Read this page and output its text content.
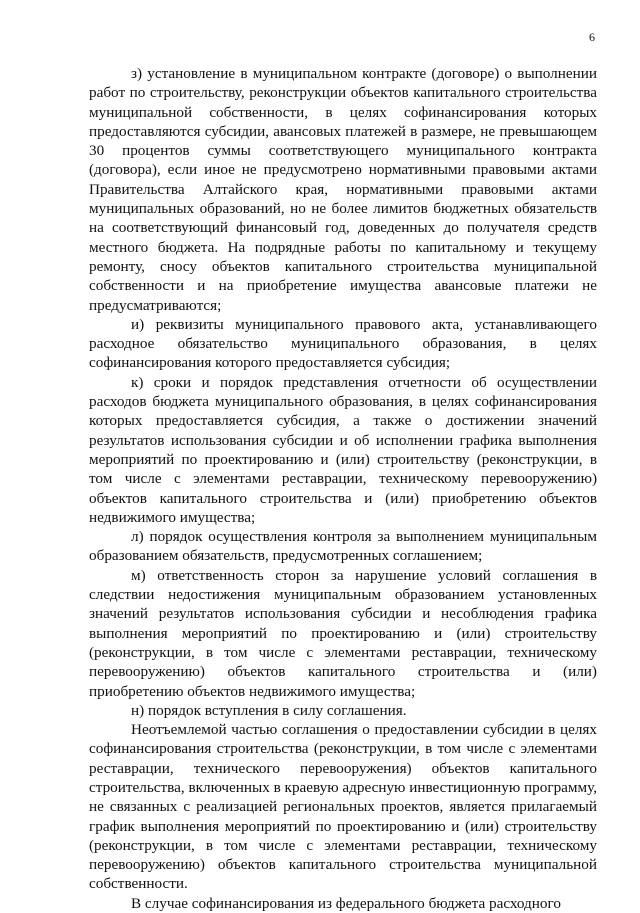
6

з) установление в муниципальном контракте (договоре) о выполнении работ по строительству, реконструкции объектов капитального строительства муниципальной собственности, в целях софинансирования которых предоставляются субсидии, авансовых платежей в размере, не превышающем 30 процентов суммы соответствующего муниципального контракта (договора), если иное не предусмотрено нормативными правовыми актами Правительства Алтайского края, нормативными правовыми актами муниципальных образований, но не более лимитов бюджетных обязательств на соответствующий финансовый год, доведенных до получателя средств местного бюджета. На подрядные работы по капитальному и текущему ремонту, сносу объектов капитального строительства муниципальной собственности и на приобретение имущества авансовые платежи не предусматриваются;

и) реквизиты муниципального правового акта, устанавливающего расходное обязательство муниципального образования, в целях софинансирования которого предоставляется субсидия;

к) сроки и порядок представления отчетности об осуществлении расходов бюджета муниципального образования, в целях софинансирования которых предоставляется субсидия, а также о достижении значений результатов использования субсидии и об исполнении графика выполнения мероприятий по проектированию и (или) строительству (реконструкции, в том числе с элементами реставрации, техническому перевооружению) объектов капитального строительства и (или) приобретению объектов недвижимого имущества;

л) порядок осуществления контроля за выполнением муниципальным образованием обязательств, предусмотренных соглашением;

м) ответственность сторон за нарушение условий соглашения в следствии недостижения муниципальным образованием установленных значений результатов использования субсидии и несоблюдения графика выполнения мероприятий по проектированию и (или) строительству (реконструкции, в том числе с элементами реставрации, техническому перевооружению) объектов капитального строительства и (или) приобретению объектов недвижимого имущества;

н) порядок вступления в силу соглашения.

Неотъемлемой частью соглашения о предоставлении субсидии в целях софинансирования строительства (реконструкции, в том числе с элементами реставрации, технического перевооружения) объектов капитального строительства, включенных в краевую адресную инвестиционную программу, не связанных с реализацией региональных проектов, является прилагаемый график выполнения мероприятий по проектированию и (или) строительству (реконструкции, в том числе с элементами реставрации, техническому перевооружению) объектов капитального строительства муниципальной собственности.

В случае софинансирования из федерального бюджета расходного
